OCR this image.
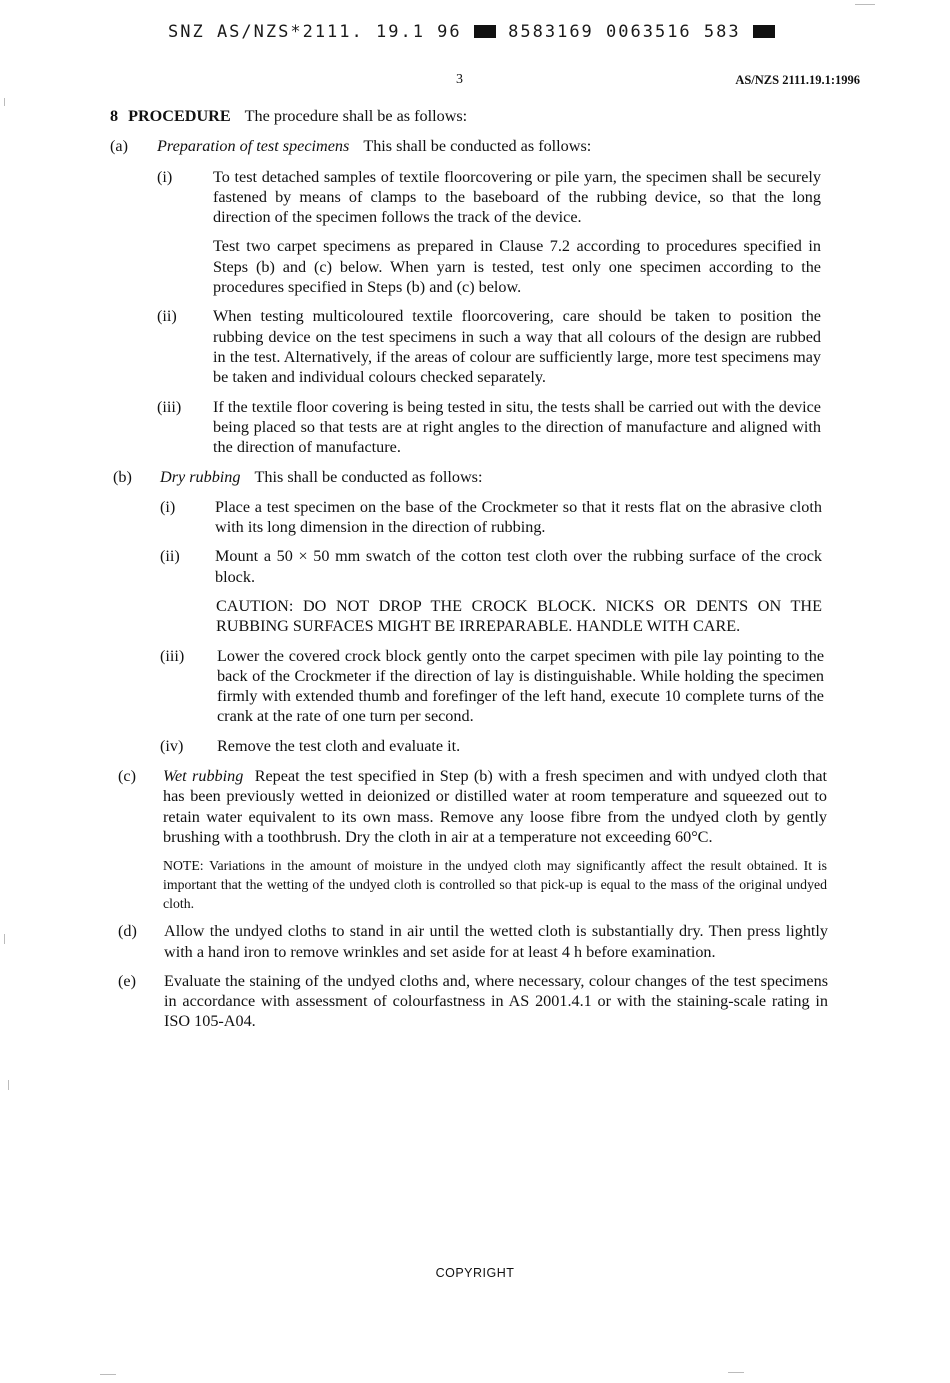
SNZ AS/NZS*2111. 19.1 96	8583169 0063516 583
3	AS/NZS 2111.19.1:1996
8 PROCEDURE The procedure shall be as follows:
(a) Preparation of test specimens This shall be conducted as follows:
(i)	To test detached samples of textile floorcovering or pile yarn, the specimen shall be securely fastened by means of clamps to the baseboard of the rubbing device, so that the long direction of the specimen follows the track of the device.
Test two carpet specimens as prepared in Clause 7.2 according to procedures specified in Steps (b) and (c) below. When yarn is tested, test only one specimen according to the procedures specified in Steps (b) and (c) below.
(ii) When testing multicoloured textile floorcovering, care should be taken to position the rubbing device on the test specimens in such a way that all colours of the design are rubbed in the test. Alternatively, if the areas of colour are sufficiently large, more test specimens may be taken and individual colours checked separately.
(iii) If the textile floor covering is being tested in situ, the tests shall be carried out with the device being placed so that tests are at right angles to the direction of manufacture and aligned with the direction of manufacture.
(b) Dry rubbing This shall be conducted as follows:
(i) Place a test specimen on the base of the Crockmeter so that it rests flat on the abrasive cloth with its long dimension in the direction of rubbing.
(ii) Mount a 50 × 50 mm swatch of the cotton test cloth over the rubbing surface of the crock block.
CAUTION: DO NOT DROP THE CROCK BLOCK. NICKS OR DENTS ON THE RUBBING SURFACES MIGHT BE IRREPARABLE. HANDLE WITH CARE.
(iii) Lower the covered crock block gently onto the carpet specimen with pile lay pointing to the back of the Crockmeter if the direction of lay is distinguishable. While holding the specimen firmly with extended thumb and forefinger of the left hand, execute 10 complete turns of the crank at the rate of one turn per second.
(iv) Remove the test cloth and evaluate it.
(c) Wet rubbing Repeat the test specified in Step (b) with a fresh specimen and with undyed cloth that has been previously wetted in deionized or distilled water at room temperature and squeezed out to retain water equivalent to its own mass. Remove any loose fibre from the undyed cloth by gently brushing with a toothbrush. Dry the cloth in air at a temperature not exceeding 60°C.
NOTE: Variations in the amount of moisture in the undyed cloth may significantly affect the result obtained. It is important that the wetting of the undyed cloth is controlled so that pick-up is equal to the mass of the original undyed cloth.
(d) Allow the undyed cloths to stand in air until the wetted cloth is substantially dry. Then press lightly with a hand iron to remove wrinkles and set aside for at least 4 h before examination.
(e) Evaluate the staining of the undyed cloths and, where necessary, colour changes of the test specimens in accordance with assessment of colourfastness in AS 2001.4.1 or with the staining-scale rating in ISO 105-A04.
COPYRIGHT
